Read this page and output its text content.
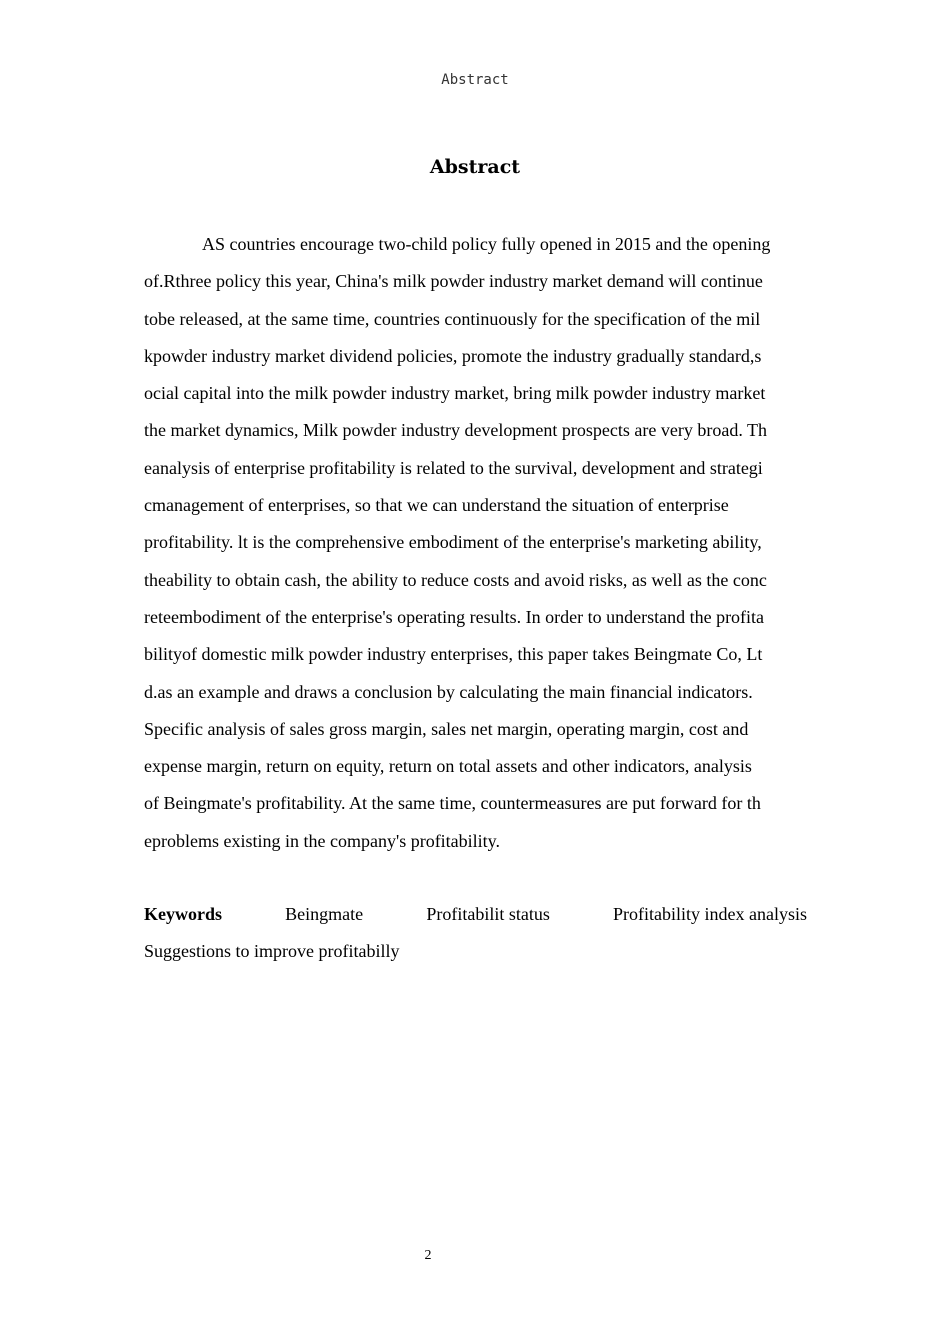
Abstract
Abstract
AS countries encourage two-child policy fully opened in 2015 and the opening
of.Rthree policy this year, China's milk powder industry market demand will continue
tobe released, at the same time, countries continuously for the specification of the mil
kpowder industry market dividend policies, promote the industry gradually standard,s
ocial capital into the milk powder industry market, bring milk powder industry market
the market dynamics, Milk powder industry development prospects are very broad. Th
eanalysis of enterprise profitability is related to the survival, development and strategi
cmanagement of enterprises, so that we can understand the situation of enterprise
profitability. lt is the comprehensive embodiment of the enterprise's marketing ability,
theability to obtain cash, the ability to reduce costs and avoid risks, as well as the conc
reteembodiment of the enterprise's operating results. In order to understand the profita
bilityof domestic milk powder industry enterprises, this paper takes Beingmate Co, Lt
d.as an example and draws a conclusion by calculating the main financial indicators.
Specific analysis of sales gross margin, sales net margin, operating margin, cost and
expense margin, return on equity, return on total assets and other indicators, analysis
of Beingmate's profitability. At the same time, countermeasures are put forward for th
eproblems existing in the company's profitability.
Keywords	Beingmate	Profitabilit status	Profitability index analysis
Suggestions to improve profitabilly
2
